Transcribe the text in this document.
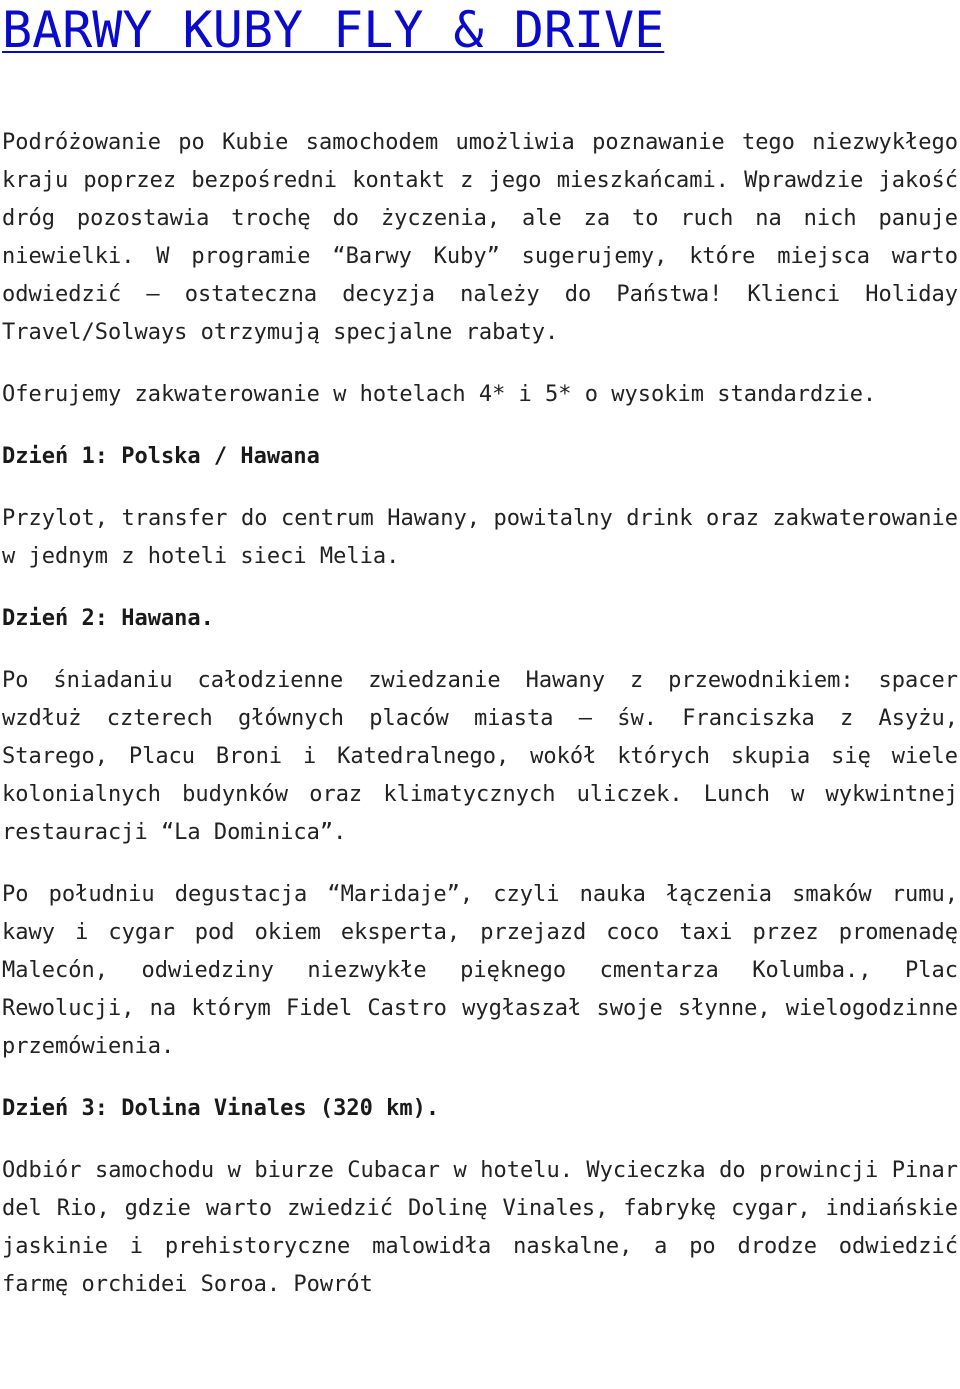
BARWY KUBY FLY & DRIVE

Podróżowanie po Kubie samochodem umożliwia poznawanie tego niezwykłego kraju poprzez bezpośredni kontakt z jego mieszkańcami. Wprawdzie jakość dróg pozostawia trochę do życzenia, ale za to ruch na nich panuje niewielki. W programie “Barwy Kuby” sugerujemy, które miejsca warto odwiedzić – ostateczna decyzja należy do Państwa! Klienci Holiday Travel/Solways otrzymują specjalne rabaty.

Oferujemy zakwaterowanie w hotelach 4* i 5* o wysokim standardzie.

Dzień 1: Polska / Hawana

Przylot, transfer do centrum Hawany, powitalny drink oraz zakwaterowanie w jednym z hoteli sieci Melia.

Dzień 2: Hawana.

Po śniadaniu całodzienne zwiedzanie Hawany z przewodnikiem: spacer wzdłuż czterech głównych placów miasta – św. Franciszka z Asyżu, Starego, Placu Broni i Katedralnego, wokół których skupia się wiele kolonialnych budynków oraz klimatycznych uliczek. Lunch w wykwintnej restauracji “La Dominica”.

Po południu degustacja “Maridaje”, czyli nauka łączenia smaków rumu, kawy i cygar pod okiem eksperta, przejazd coco taxi przez promenadę Malecón, odwiedziny niezwykłe pięknego cmentarza Kolumba., Plac Rewolucji, na którym Fidel Castro wygłaszał swoje słynne, wielogodzinne przemówienia.

Dzień 3: Dolina Vinales (320 km).

Odbiór samochodu w biurze Cubacar w hotelu. Wycieczka do prowincji Pinar del Rio, gdzie warto zwiedzić Dolinę Vinales, fabrykę cygar, indiańskie jaskinie i prehistoryczne malowidła naskalne, a po drodze odwiedzić farmę orchidei Soroa. Powrót
